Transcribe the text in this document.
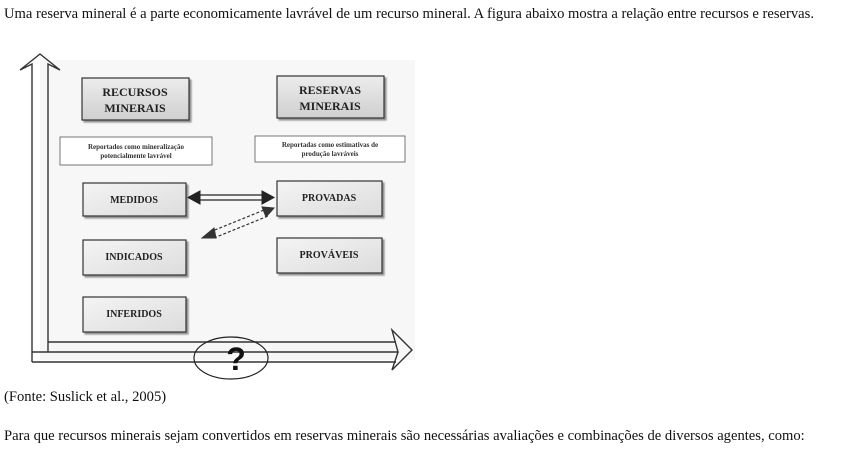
Uma reserva mineral é a parte economicamente lavrável de um recurso mineral. A figura abaixo mostra a relação entre recursos e reservas.

RECURSOS
MINERAIS
RESERVAS
MINERAIS
Reportados como mineralização
potencialmente lavrável
Reportadas como estimativas de
produção lavráveis
MEDIDOS	PROVADAS
INDICADOS	PROVÁVEIS
INFERIDOS
?

(Fonte: Suslick et al., 2005)

Para que recursos minerais sejam convertidos em reservas minerais são necessárias avaliações e combinações de diversos agentes, como:
